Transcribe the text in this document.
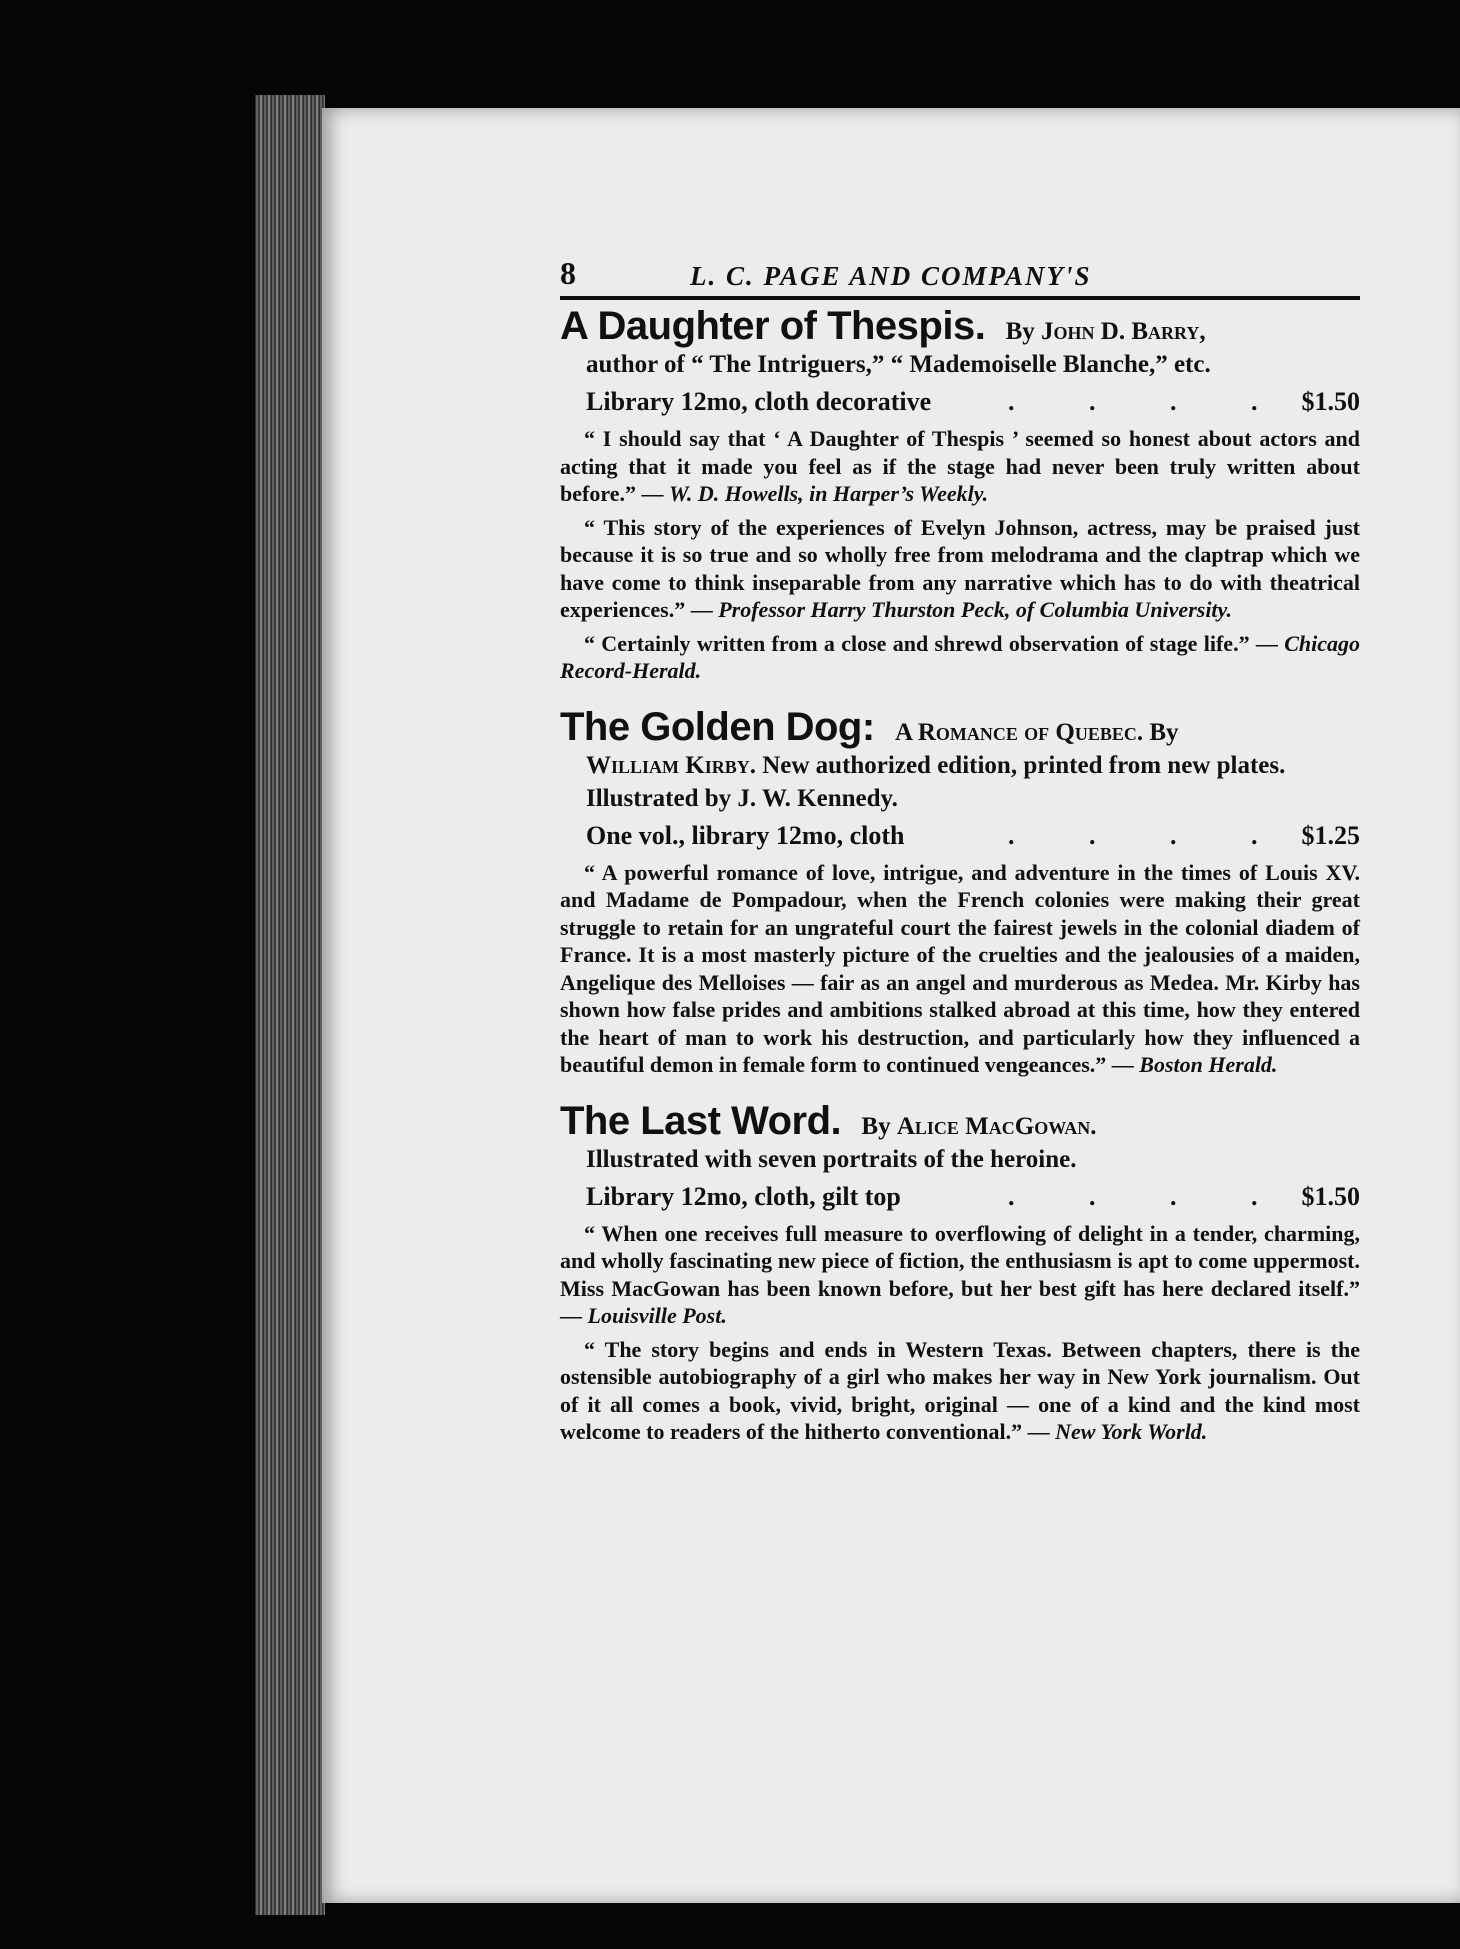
8	L. C. PAGE AND COMPANY'S
A Daughter of Thespis. By John D. Barry,
author of “ The Intriguers,” “ Mademoiselle Blanche,” etc.
Library 12mo, cloth decorative	. . . . $1.50

“ I should say that ‘ A Daughter of Thespis ’ seemed so honest about actors and acting that it made you feel as if the stage had never been truly written about before.” — W. D. Howells, in Harper’s Weekly.

“ This story of the experiences of Evelyn Johnson, actress, may be praised just because it is so true and so wholly free from melodrama and the claptrap which we have come to think inseparable from any narrative which has to do with theatrical experiences.” — Professor Harry Thurston Peck, of Columbia University.

“ Certainly written from a close and shrewd observation of stage life.” — Chicago Record-Herald.

The Golden Dog: A Romance of Quebec. By
William Kirby. New authorized edition, printed from new plates. Illustrated by J. W. Kennedy.
One vol., library 12mo, cloth	. . . . $1.25

“ A powerful romance of love, intrigue, and adventure in the times of Louis XV. and Madame de Pompadour, when the French colonies were making their great struggle to retain for an ungrateful court the fairest jewels in the colonial diadem of France. It is a most masterly picture of the cruelties and the jealousies of a maiden, Angelique des Melloises — fair as an angel and murderous as Medea. Mr. Kirby has shown how false prides and ambitions stalked abroad at this time, how they entered the heart of man to work his destruction, and particularly how they influenced a beautiful demon in female form to continued vengeances.” — Boston Herald.

The Last Word. By Alice MacGowan.
Illustrated with seven portraits of the heroine.
Library 12mo, cloth, gilt top	. . . . $1.50

“ When one receives full measure to overflowing of delight in a tender, charming, and wholly fascinating new piece of fiction, the enthusiasm is apt to come uppermost. Miss MacGowan has been known before, but her best gift has here declared itself.” — Louisville Post.

“ The story begins and ends in Western Texas. Between chapters, there is the ostensible autobiography of a girl who makes her way in New York journalism. Out of it all comes a book, vivid, bright, original — one of a kind and the kind most welcome to readers of the hitherto conventional.” — New York World.
